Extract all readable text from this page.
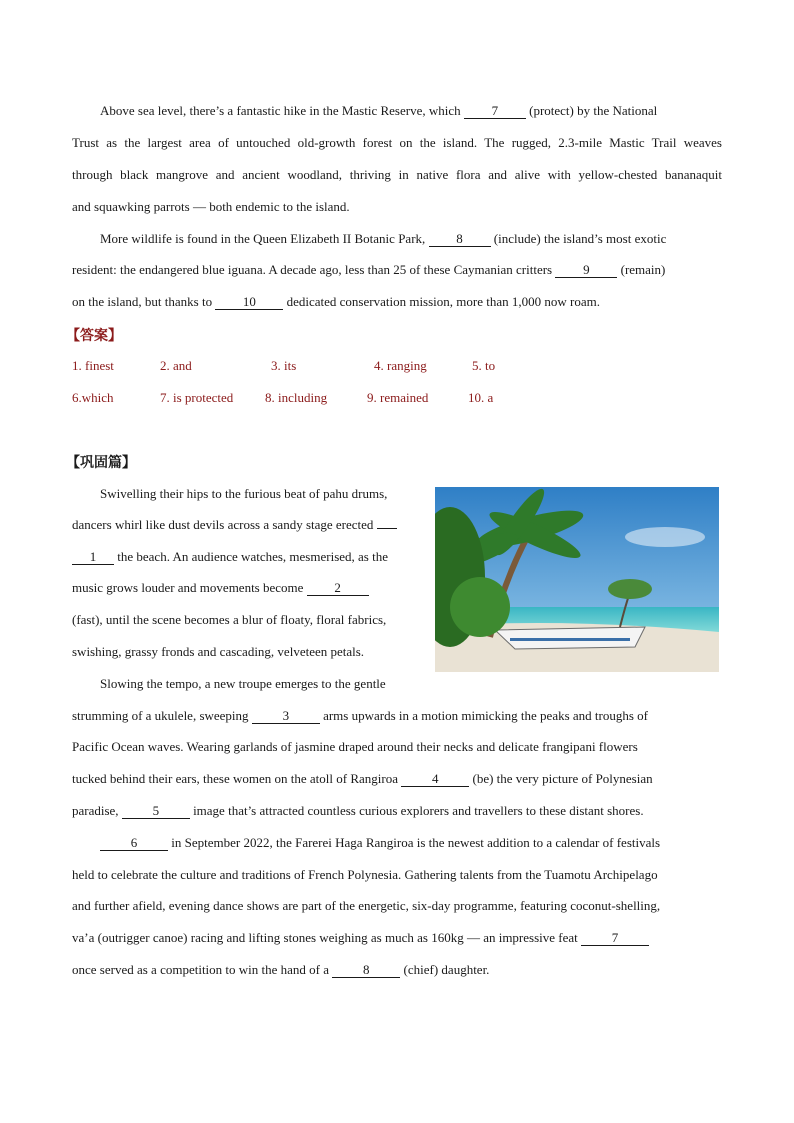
Above sea level, there’s a fantastic hike in the Mastic Reserve, which 7 (protect) by the National
Trust as the largest area of untouched old-growth forest on the island. The rugged, 2.3-mile Mastic Trail weaves
through black mangrove and ancient woodland, thriving in native flora and alive with yellow-chested bananaquit
and squawking parrots — both endemic to the island.
More wildlife is found in the Queen Elizabeth II Botanic Park, 8 (include) the island’s most exotic
resident: the endangered blue iguana. A decade ago, less than 25 of these Caymanian critters 9 (remain)
on the island, but thanks to 10 dedicated conservation mission, more than 1,000 now roam.
【答案】
1. finest	2. and	3. its	4. ranging	5. to
6.which	7. is protected 8. including	9. remained	10. a
【巩固篇】
Swivelling their hips to the furious beat of pahu drums,
dancers whirl like dust devils across a sandy stage erected
1 the beach. An audience watches, mesmerised, as the
music grows louder and movements become 2
(fast), until the scene becomes a blur of floaty, floral fabrics,
swishing, grassy fronds and cascading, velveteen petals.
Slowing the tempo, a new troupe emerges to the gentle
strumming of a ukulele, sweeping 3 arms upwards in a motion mimicking the peaks and troughs of
Pacific Ocean waves. Wearing garlands of jasmine draped around their necks and delicate frangipani flowers
tucked behind their ears, these women on the atoll of Rangiroa 4 (be) the very picture of Polynesian
paradise, 5 image that’s attracted countless curious explorers and travellers to these distant shores.
6 in September 2022, the Farerei Haga Rangiroa is the newest addition to a calendar of festivals
held to celebrate the culture and traditions of French Polynesia. Gathering talents from the Tuamotu Archipelago
and further afield, evening dance shows are part of the energetic, six-day programme, featuring coconut-shelling,
va’a (outrigger canoe) racing and lifting stones weighing as much as 160kg — an impressive feat 7
once served as a competition to win the hand of a 8 (chief) daughter.
